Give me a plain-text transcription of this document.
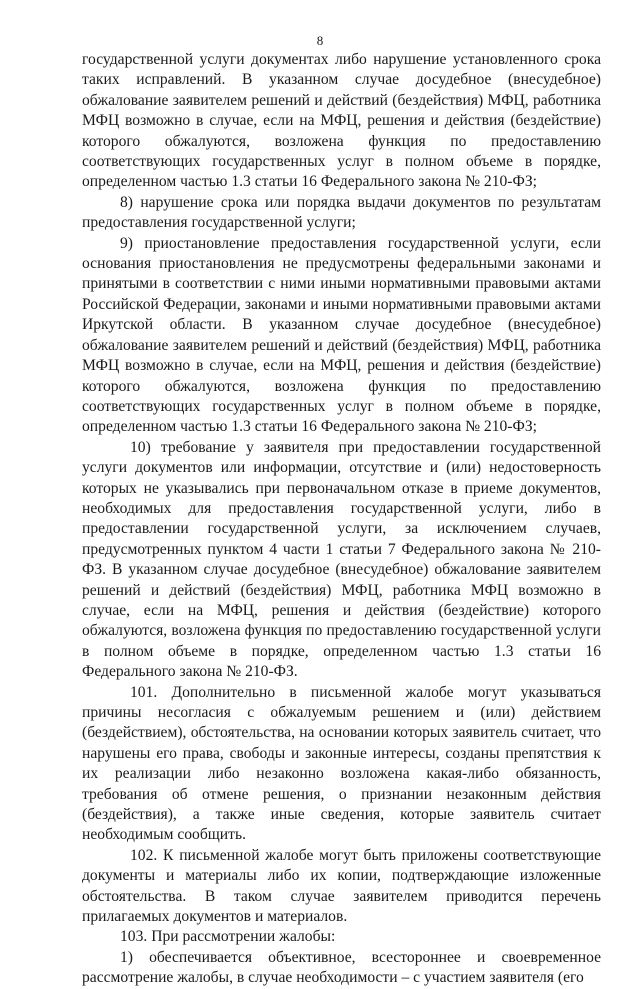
8

государственной услуги документах либо нарушение установленного срока таких исправлений. В указанном случае досудебное (внесудебное) обжалование заявителем решений и действий (бездействия) МФЦ, работника МФЦ возможно в случае, если на МФЦ, решения и действия (бездействие) которого обжалуются, возложена функция по предоставлению соответствующих государственных услуг в полном объеме в порядке, определенном частью 1.3 статьи 16 Федерального закона № 210-ФЗ;

8) нарушение срока или порядка выдачи документов по результатам предоставления государственной услуги;

9) приостановление предоставления государственной услуги, если основания приостановления не предусмотрены федеральными законами и принятыми в соответствии с ними иными нормативными правовыми актами Российской Федерации, законами и иными нормативными правовыми актами Иркутской области. В указанном случае досудебное (внесудебное) обжалование заявителем решений и действий (бездействия) МФЦ, работника МФЦ возможно в случае, если на МФЦ, решения и действия (бездействие) которого обжалуются, возложена функция по предоставлению соответствующих государственных услуг в полном объеме в порядке, определенном частью 1.3 статьи 16 Федерального закона № 210-ФЗ;

10) требование у заявителя при предоставлении государственной услуги документов или информации, отсутствие и (или) недостоверность которых не указывались при первоначальном отказе в приеме документов, необходимых для предоставления государственной услуги, либо в предоставлении государственной услуги, за исключением случаев, предусмотренных пунктом 4 части 1 статьи 7 Федерального закона № 210-ФЗ. В указанном случае досудебное (внесудебное) обжалование заявителем решений и действий (бездействия) МФЦ, работника МФЦ возможно в случае, если на МФЦ, решения и действия (бездействие) которого обжалуются, возложена функция по предоставлению государственной услуги в полном объеме в порядке, определенном частью 1.3 статьи 16 Федерального закона № 210-ФЗ.

101. Дополнительно в письменной жалобе могут указываться причины несогласия с обжалуемым решением и (или) действием (бездействием), обстоятельства, на основании которых заявитель считает, что нарушены его права, свободы и законные интересы, созданы препятствия к их реализации либо незаконно возложена какая-либо обязанность, требования об отмене решения, о признании незаконным действия (бездействия), а также иные сведения, которые заявитель считает необходимым сообщить.

102. К письменной жалобе могут быть приложены соответствующие документы и материалы либо их копии, подтверждающие изложенные обстоятельства. В таком случае заявителем приводится перечень прилагаемых документов и материалов.

103. При рассмотрении жалобы:

1) обеспечивается объективное, всестороннее и своевременное рассмотрение жалобы, в случае необходимости – с участием заявителя (его
